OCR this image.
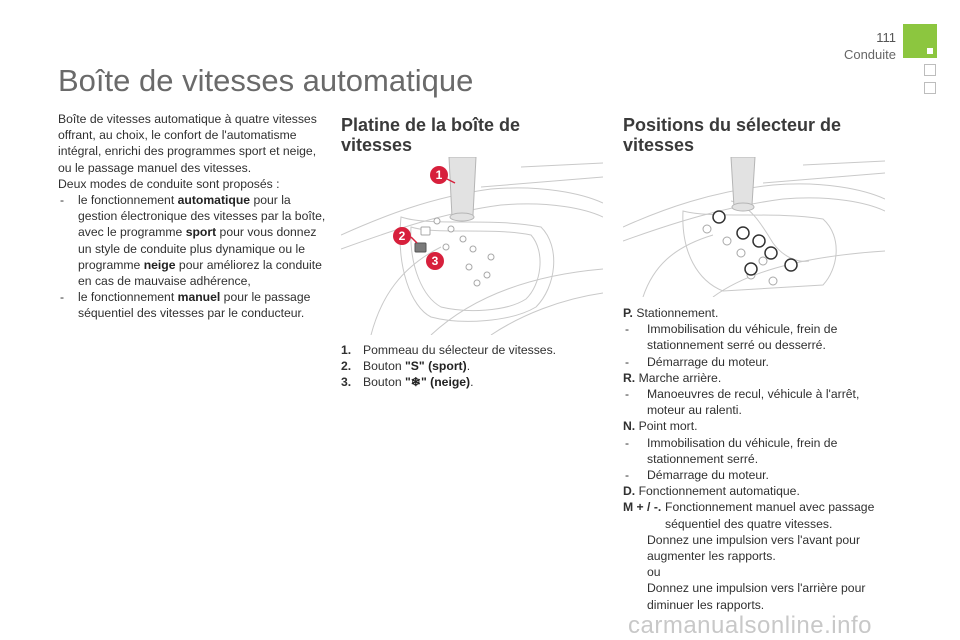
111
Conduite
Boîte de vitesses automatique

Boîte de vitesses automatique à quatre vitesses offrant, au choix, le confort de l'automatisme intégral, enrichi des programmes sport et neige, ou le passage manuel des vitesses.

Deux modes de conduite sont proposés :

- le fonctionnement automatique pour la gestion électronique des vitesses par la boîte, avec le programme sport pour vous donnez un style de conduite plus dynamique ou le programme neige pour améliorez la conduite en cas de mauvaise adhérence,

- le fonctionnement manuel pour le passage séquentiel des vitesses par le conducteur.

Platine de la boîte de vitesses
1
2
3
1. Pommeau du sélecteur de vitesses.
2. Bouton "S" (sport).
3. Bouton "❄" (neige).
Positions du sélecteur de vitesses
P. Stationnement.
- Immobilisation du véhicule, frein de stationnement serré ou desserré.
- Démarrage du moteur.
R. Marche arrière.
- Manoeuvres de recul, véhicule à l'arrêt, moteur au ralenti.
N. Point mort.
- Immobilisation du véhicule, frein de stationnement serré.
- Démarrage du moteur.
D. Fonctionnement automatique.
M + / -. Fonctionnement manuel avec passage séquentiel des quatre vitesses.
Donnez une impulsion vers l'avant pour augmenter les rapports.
ou
Donnez une impulsion vers l'arrière pour diminuer les rapports.
carmanualsonline.info
